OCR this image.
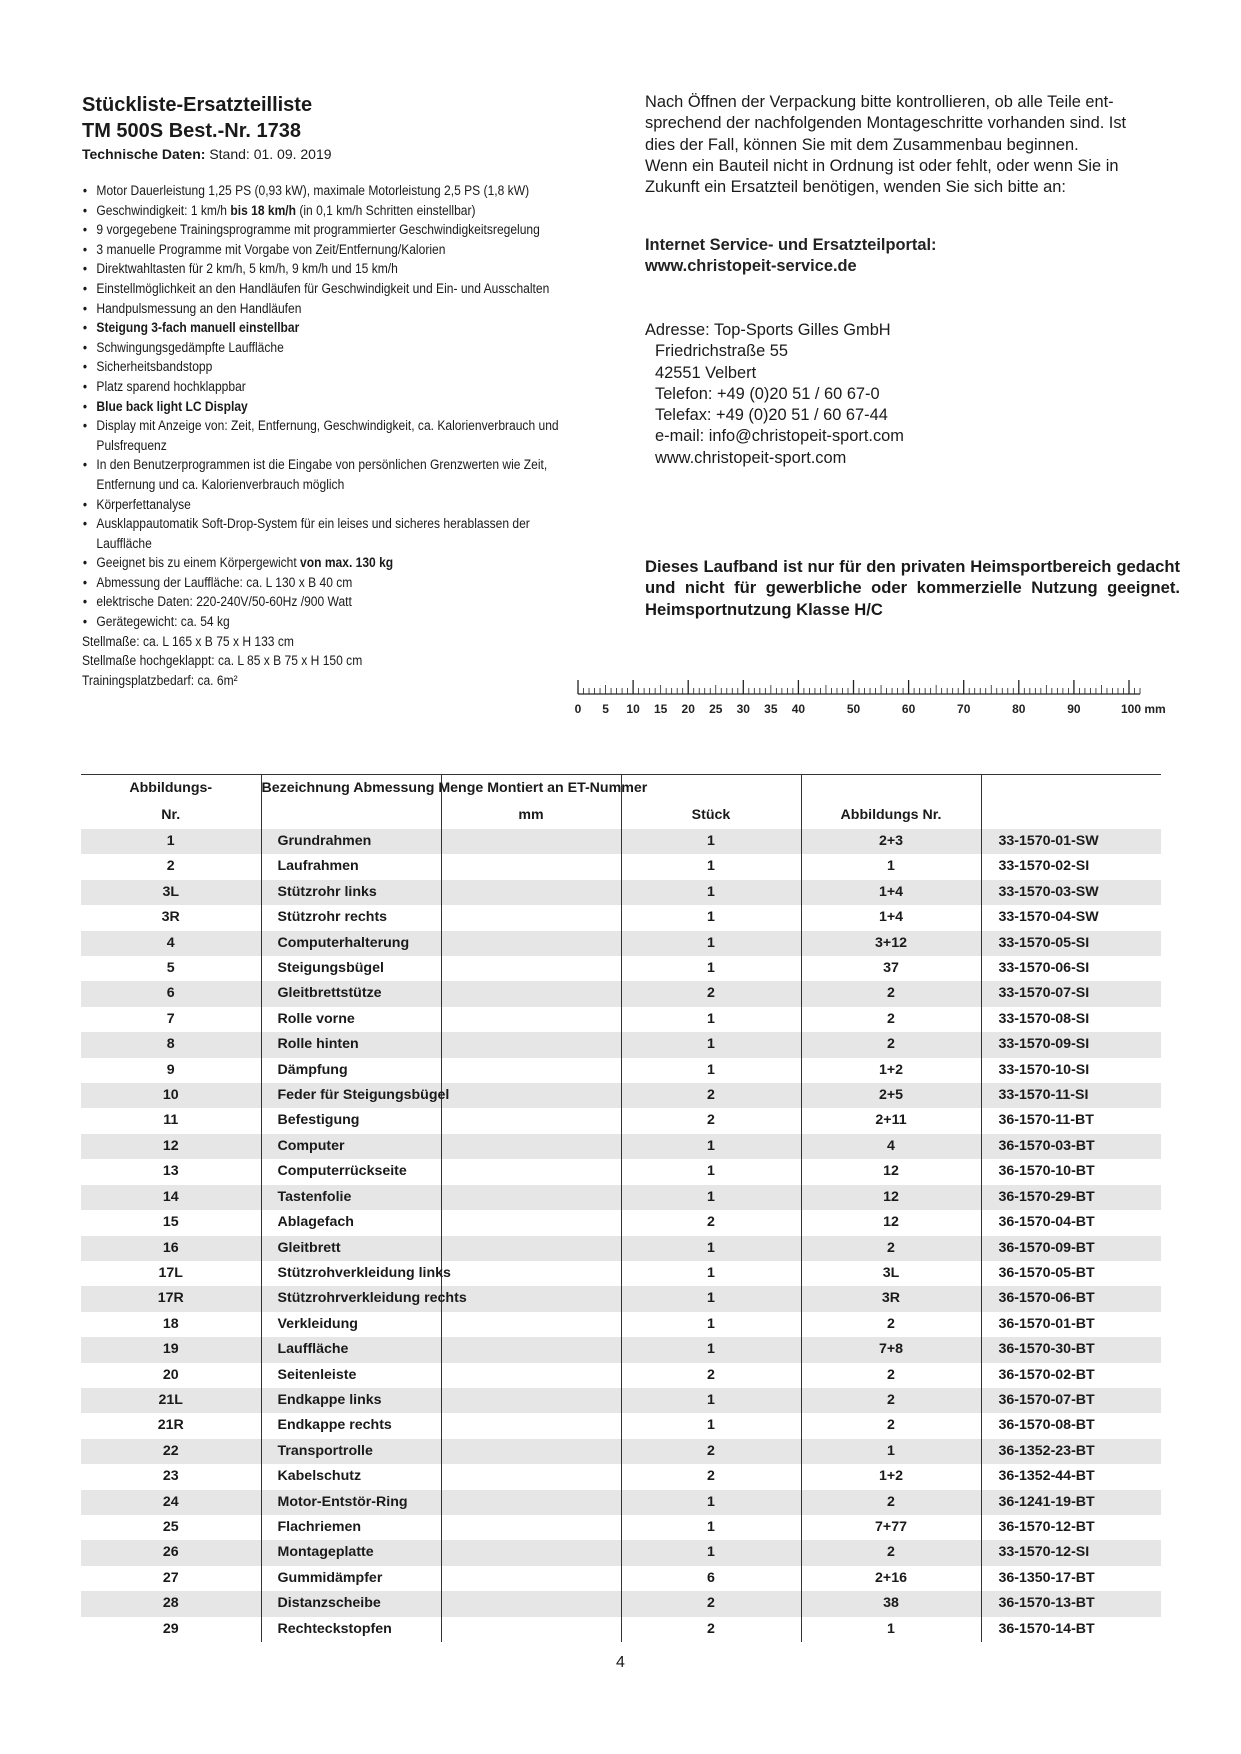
Stückliste-Ersatzteilliste
TM 500S Best.-Nr. 1738
Technische Daten: Stand: 01. 09. 2019
• Motor Dauerleistung 1,25 PS (0,93 kW), maximale Motorleistung 2,5 PS (1,8 kW)
• Geschwindigkeit: 1 km/h bis 18 km/h (in 0,1 km/h Schritten einstellbar)
• 9 vorgegebene Trainingsprogramme mit programmierter Geschwindigkeitsregelung
• 3 manuelle Programme mit Vorgabe von Zeit/Entfernung/Kalorien
• Direktwahltasten für 2 km/h, 5 km/h, 9 km/h und 15 km/h
• Einstellmöglichkeit an den Handläufen für Geschwindigkeit und Ein- und Ausschalten
• Handpulsmessung an den Handläufen
• Steigung 3-fach manuell einstellbar
• Schwingungsgedämpfte Lauffläche
• Sicherheitsbandstopp
• Platz sparend hochklappbar
• Blue back light LC Display
• Display mit Anzeige von: Zeit, Entfernung, Geschwindigkeit, ca. Kalorienverbrauch und Pulsfrequenz
• In den Benutzerprogrammen ist die Eingabe von persönlichen Grenzwerten wie Zeit, Entfernung und ca. Kalorienverbrauch möglich
• Körperfettanalyse
• Ausklappautomatik Soft-Drop-System für ein leises und sicheres herablassen der Lauffläche
• Geeignet bis zu einem Körpergewicht von max. 130 kg
• Abmessung der Lauffläche: ca. L 130 x B 40 cm
• elektrische Daten: 220-240V/50-60Hz /900 Watt
• Gerätegewicht: ca. 54 kg
Stellmaße: ca. L 165 x B 75 x H 133 cm
Stellmaße hochgeklappt: ca. L 85 x B 75 x H 150 cm
Trainingsplatzbedarf: ca. 6m²
Nach Öffnen der Verpackung bitte kontrollieren, ob alle Teile ent-
sprechend der nachfolgenden Montageschritte vorhanden sind. Ist
dies der Fall, können Sie mit dem Zusammenbau beginnen.
Wenn ein Bauteil nicht in Ordnung ist oder fehlt, oder wenn Sie in
Zukunft ein Ersatzteil benötigen, wenden Sie sich bitte an:
Internet Service- und Ersatzteilportal:
www.christopeit-service.de
Adresse: Top-Sports Gilles GmbH
Friedrichstraße 55
42551 Velbert
Telefon: +49 (0)20 51 / 60 67-0
Telefax: +49 (0)20 51 / 60 67-44
e-mail: info@christopeit-sport.com
www.christopeit-sport.com
Dieses Laufband ist nur für den privaten Heimsportbereich gedacht und nicht für gewerbliche oder kommerzielle Nutzung geeignet. Heimsportnutzung Klasse H/C
0 5 10 15 20 25 30 35 40	50	60	70	80	90	100 mm

Abbildungs-	Bezeichnung Abmessung Menge Montiert an ET-Nummer				

Nr.		mm	Stück	Abbildungs Nr.	
1	Grundrahmen		1	2+3	33-1570-01-SW
2	Laufrahmen		1	1	33-1570-02-SI
3L	Stützrohr links		1	1+4	33-1570-03-SW
3R	Stützrohr rechts		1	1+4	33-1570-04-SW
4	Computerhalterung		1	3+12	33-1570-05-SI
5	Steigungsbügel		1	37	33-1570-06-SI
6	Gleitbrettstütze		2	2	33-1570-07-SI
7	Rolle vorne		1	2	33-1570-08-SI
8	Rolle hinten		1	2	33-1570-09-SI
9	Dämpfung		1	1+2	33-1570-10-SI
10	Feder für Steigungsbügel		2	2+5	33-1570-11-SI
11	Befestigung		2	2+11	36-1570-11-BT
12	Computer		1	4	36-1570-03-BT
13	Computerrückseite		1	12	36-1570-10-BT
14	Tastenfolie		1	12	36-1570-29-BT
15	Ablagefach		2	12	36-1570-04-BT
16	Gleitbrett		1	2	36-1570-09-BT
17L	Stützrohverkleidung links		1	3L	36-1570-05-BT
17R	Stützrohrverkleidung rechts		1	3R	36-1570-06-BT
18	Verkleidung		1	2	36-1570-01-BT
19	Lauffläche		1	7+8	36-1570-30-BT
20	Seitenleiste		2	2	36-1570-02-BT
21L	Endkappe links		1	2	36-1570-07-BT
21R	Endkappe rechts		1	2	36-1570-08-BT
22	Transportrolle		2	1	36-1352-23-BT
23	Kabelschutz		2	1+2	36-1352-44-BT
24	Motor-Entstör-Ring		1	2	36-1241-19-BT
25	Flachriemen		1	7+77	36-1570-12-BT
26	Montageplatte		1	2	33-1570-12-SI
27	Gummidämpfer		6	2+16	36-1350-17-BT
28	Distanzscheibe		2	38	36-1570-13-BT
29	Rechteckstopfen		2	1	36-1570-14-BT
4
